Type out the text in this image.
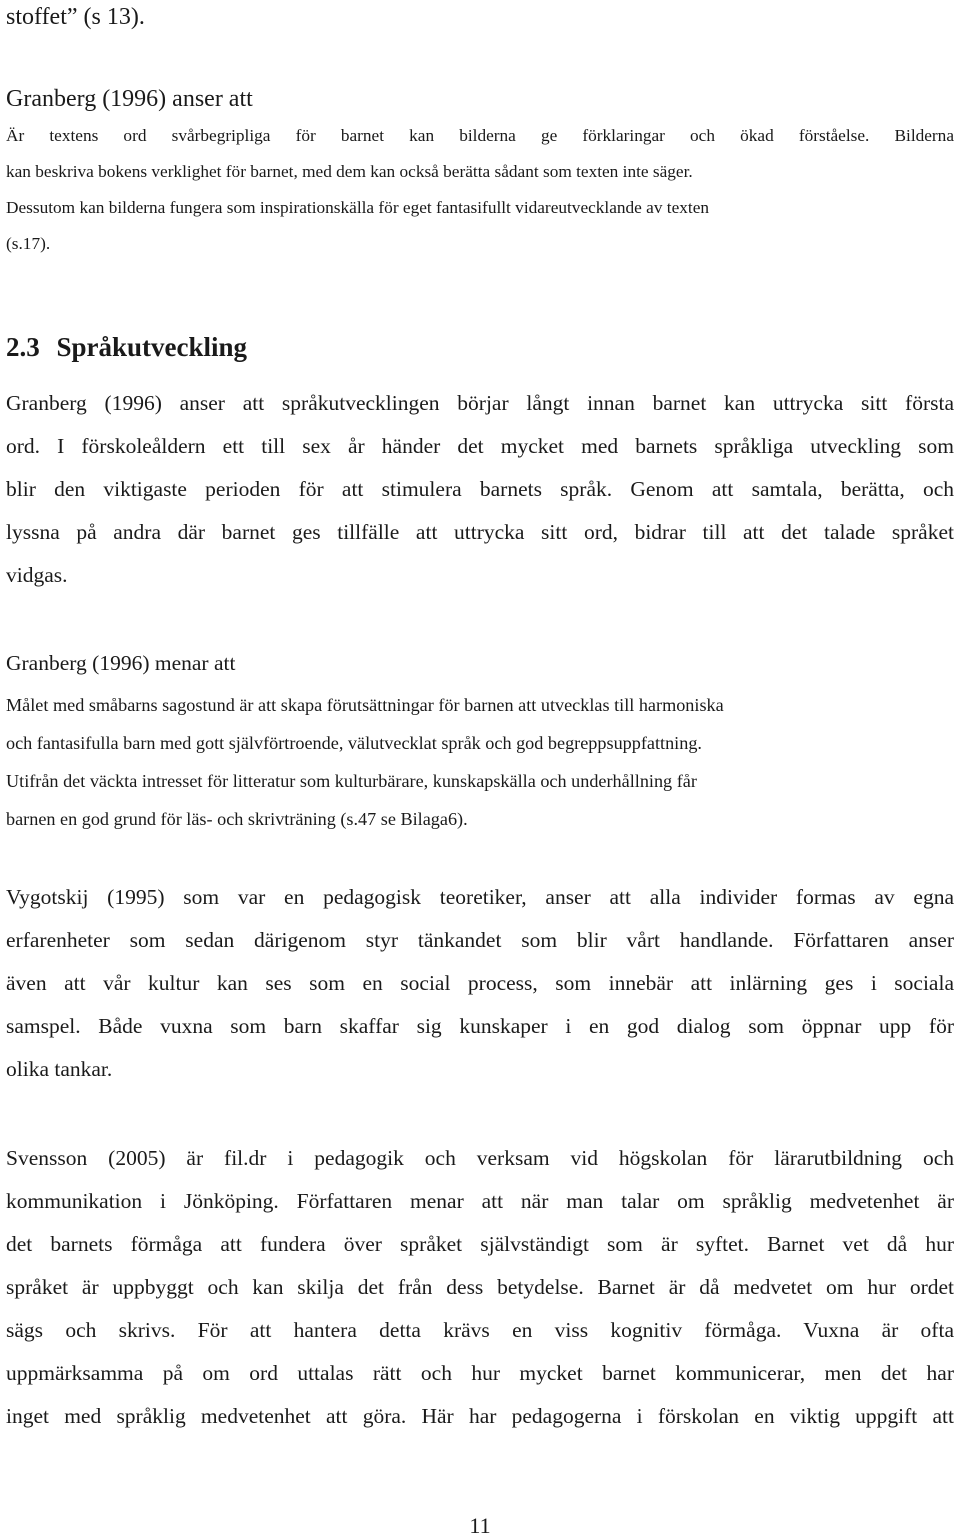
stoffet” (s 13).

Granberg (1996) anser att

Är textens ord svårbegripliga för barnet kan bilderna ge förklaringar och ökad förståelse. Bilderna
kan beskriva bokens verklighet för barnet, med dem kan också berätta sådant som texten inte säger.
Dessutom kan bilderna fungera som inspirationskälla för eget fantasifullt vidareutvecklande av texten
(s.17).
2.3 Språkutveckling
Granberg (1996) anser att språkutvecklingen börjar långt innan barnet kan uttrycka sitt första
ord. I förskoleåldern ett till sex år händer det mycket med barnets språkliga utveckling som
blir den viktigaste perioden för att stimulera barnets språk. Genom att samtala, berätta, och
lyssna på andra där barnet ges tillfälle att uttrycka sitt ord, bidrar till att det talade språket
vidgas.

Granberg (1996) menar att

Målet med småbarns sagostund är att skapa förutsättningar för barnen att utvecklas till harmoniska
och fantasifulla barn med gott självförtroende, välutvecklat språk och god begreppsuppfattning.
Utifrån det väckta intresset för litteratur som kulturbärare, kunskapskälla och underhållning får
barnen en god grund för läs- och skrivträning (s.47 se Bilaga6).
Vygotskij (1995) som var en pedagogisk teoretiker, anser att alla individer formas av egna
erfarenheter som sedan därigenom styr tänkandet som blir vårt handlande. Författaren anser
även att vår kultur kan ses som en social process, som innebär att inlärning ges i sociala
samspel. Både vuxna som barn skaffar sig kunskaper i en god dialog som öppnar upp för
olika tankar.
Svensson (2005) är fil.dr i pedagogik och verksam vid högskolan för lärarutbildning och
kommunikation i Jönköping. Författaren menar att när man talar om språklig medvetenhet är
det barnets förmåga att fundera över språket självständigt som är syftet. Barnet vet då hur
språket är uppbyggt och kan skilja det från dess betydelse. Barnet är då medvetet om hur ordet
sägs och skrivs. För att hantera detta krävs en viss kognitiv förmåga. Vuxna är ofta
uppmärksamma på om ord uttalas rätt och hur mycket barnet kommunicerar, men det har
inget med språklig medvetenhet att göra. Här har pedagogerna i förskolan en viktig uppgift att
11
